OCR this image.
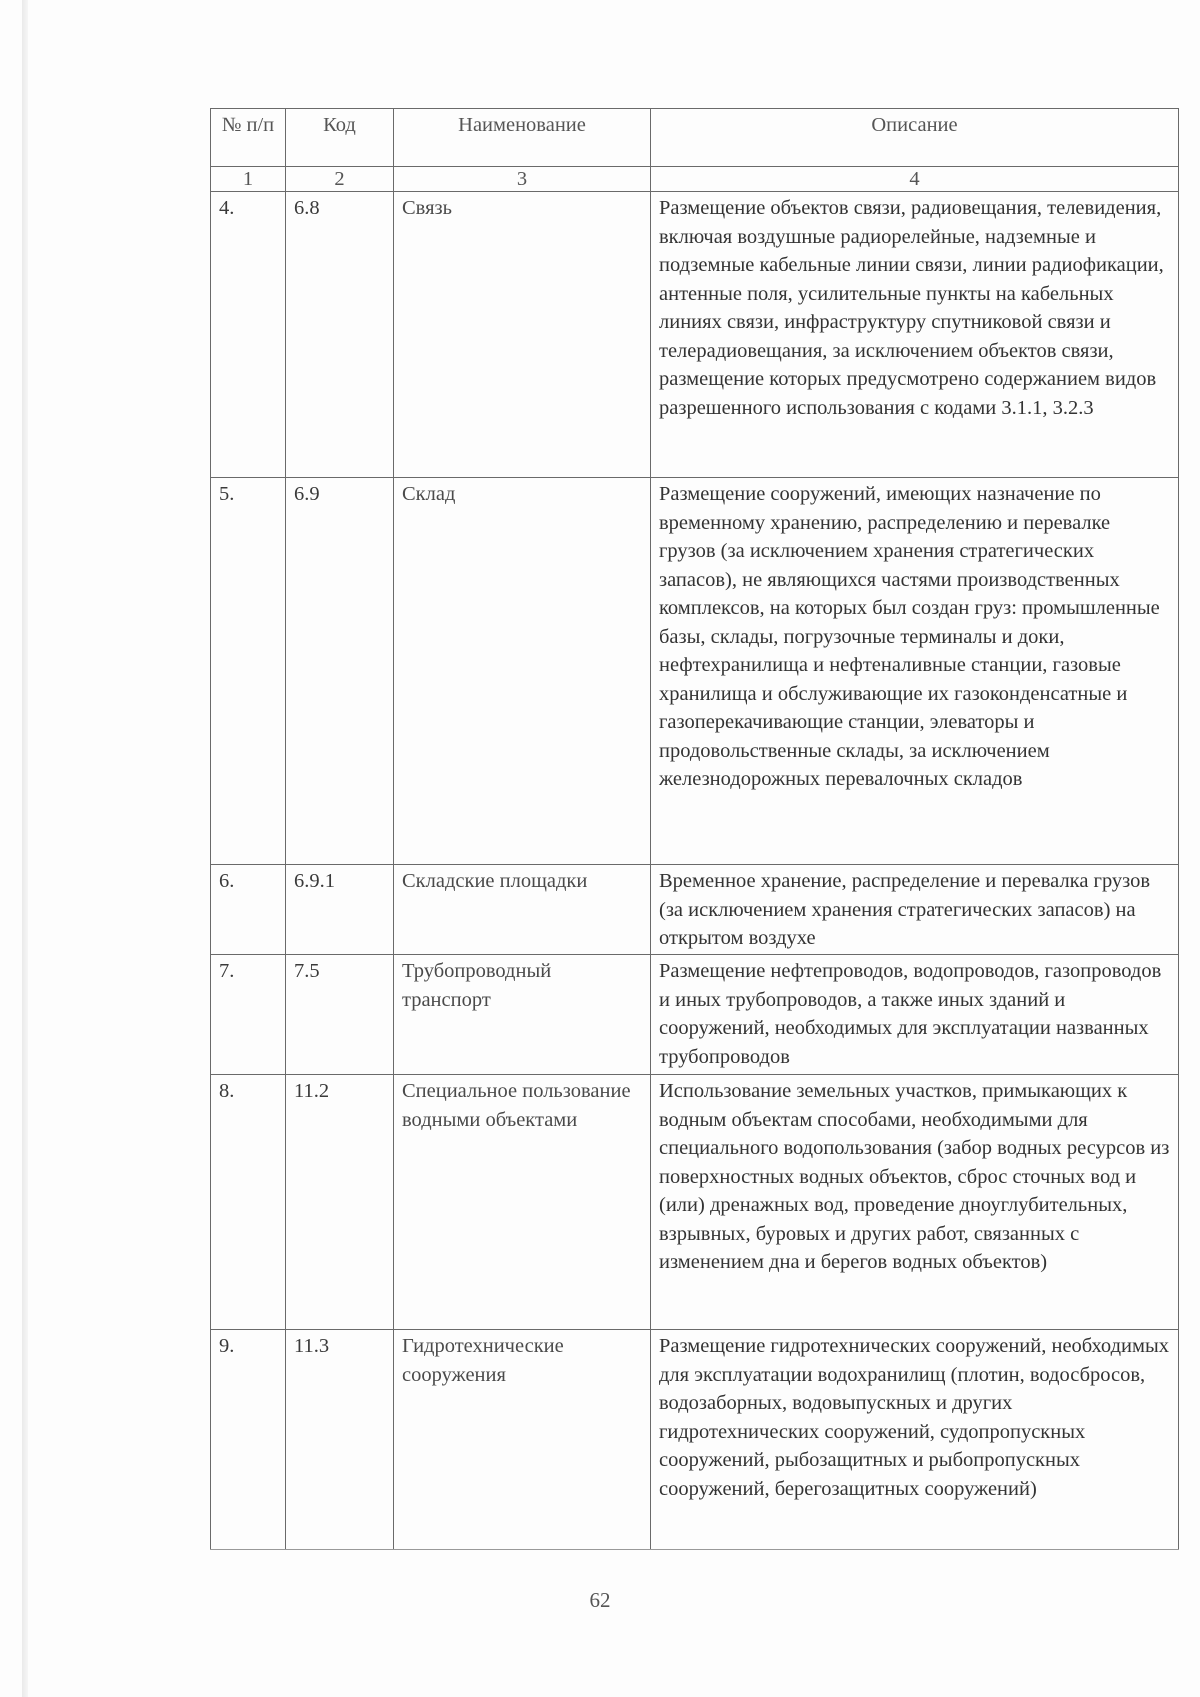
№ п/п	Код	Наименование	Описание
1	2	3	4
4.	6.8	Связь	Размещение объектов связи, радиовещания, телевидения, включая воздушные радиорелейные, надземные и подземные кабельные линии связи, линии радиофикации, антенные поля, усилительные пункты на кабельных линиях связи, инфраструктуру спутниковой связи и телерадиовещания, за исключением объектов связи, размещение которых предусмотрено содержанием видов разрешенного использования с кодами 3.1.1, 3.2.3
5.	6.9	Склад	Размещение сооружений, имеющих назначение по временному хранению, распределению и перевалке грузов (за исключением хранения стратегических запасов), не являющихся частями производственных комплексов, на которых был создан груз: промышленные базы, склады, погрузочные терминалы и доки, нефтехранилища и нефтеналивные станции, газовые хранилища и обслуживающие их газоконденсатные и газоперекачивающие станции, элеваторы и продовольственные склады, за исключением железнодорожных перевалочных складов
6.	6.9.1	Складские площадки	Временное хранение, распределение и перевалка грузов (за исключением хранения стратегических запасов) на открытом воздухе
7.	7.5	Трубопроводный транспорт	Размещение нефтепроводов, водопроводов, газопроводов и иных трубопроводов, а также иных зданий и сооружений, необходимых для эксплуатации названных трубопроводов
8.	11.2	Специальное пользование водными объектами	Использование земельных участков, примыкающих к водным объектам способами, необходимыми для специального водопользования (забор водных ресурсов из поверхностных водных объектов, сброс сточных вод и (или) дренажных вод, проведение дноуглубительных, взрывных, буровых и других работ, связанных с изменением дна и берегов водных объектов)
9.	11.3	Гидротехнические сооружения	Размещение гидротехнических сооружений, необходимых для эксплуатации водохранилищ (плотин, водосбросов, водозаборных, водовыпускных и других гидротехнических сооружений, судопропускных сооружений, рыбозащитных и рыбопропускных сооружений, берегозащитных сооружений)
62
